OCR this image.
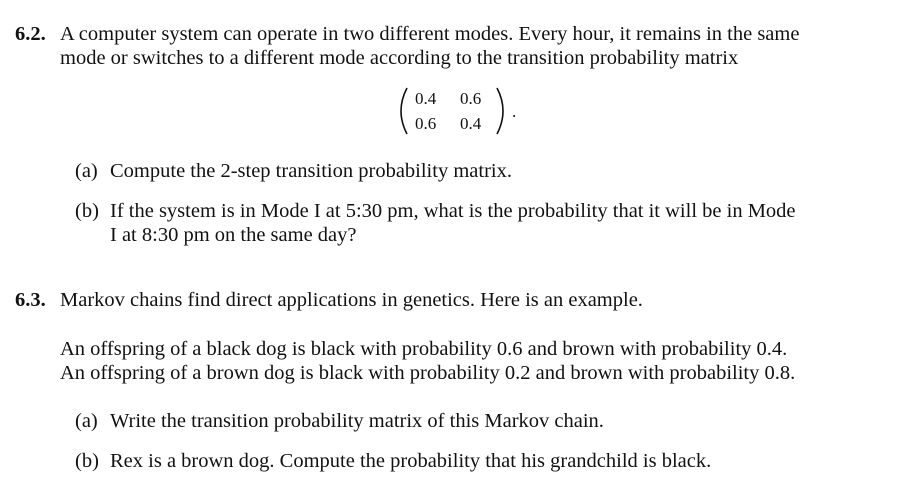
6.2. A computer system can operate in two different modes. Every hour, it remains in the same
mode or switches to a different mode according to the transition probability matrix
0.4 0.6
0.6 0.4
.
(a) Compute the 2-step transition probability matrix.
(b) If the system is in Mode I at 5:30 pm, what is the probability that it will be in Mode
I at 8:30 pm on the same day?
6.3. Markov chains find direct applications in genetics. Here is an example.
An offspring of a black dog is black with probability 0.6 and brown with probability 0.4.
An offspring of a brown dog is black with probability 0.2 and brown with probability 0.8.
(a) Write the transition probability matrix of this Markov chain.
(b) Rex is a brown dog. Compute the probability that his grandchild is black.
